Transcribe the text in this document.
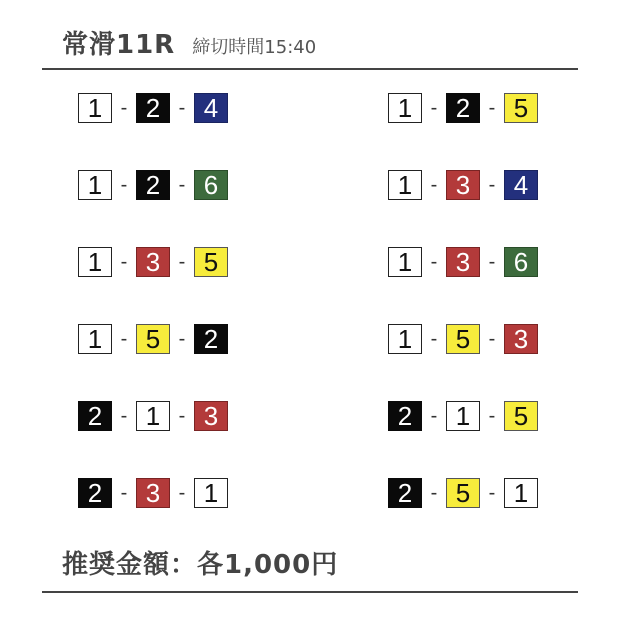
常滑11R 締切時間15:40
1 - 2 - 4	1 - 2 - 5
1 - 2 - 6	1 - 3 - 4
1 - 3 - 5	1 - 3 - 6
1 - 5 - 2	1 - 5 - 3
2 - 1 - 3	2 - 1 - 5
2 - 3 - 1	2 - 5 - 1
推奨金額：各1,000円
